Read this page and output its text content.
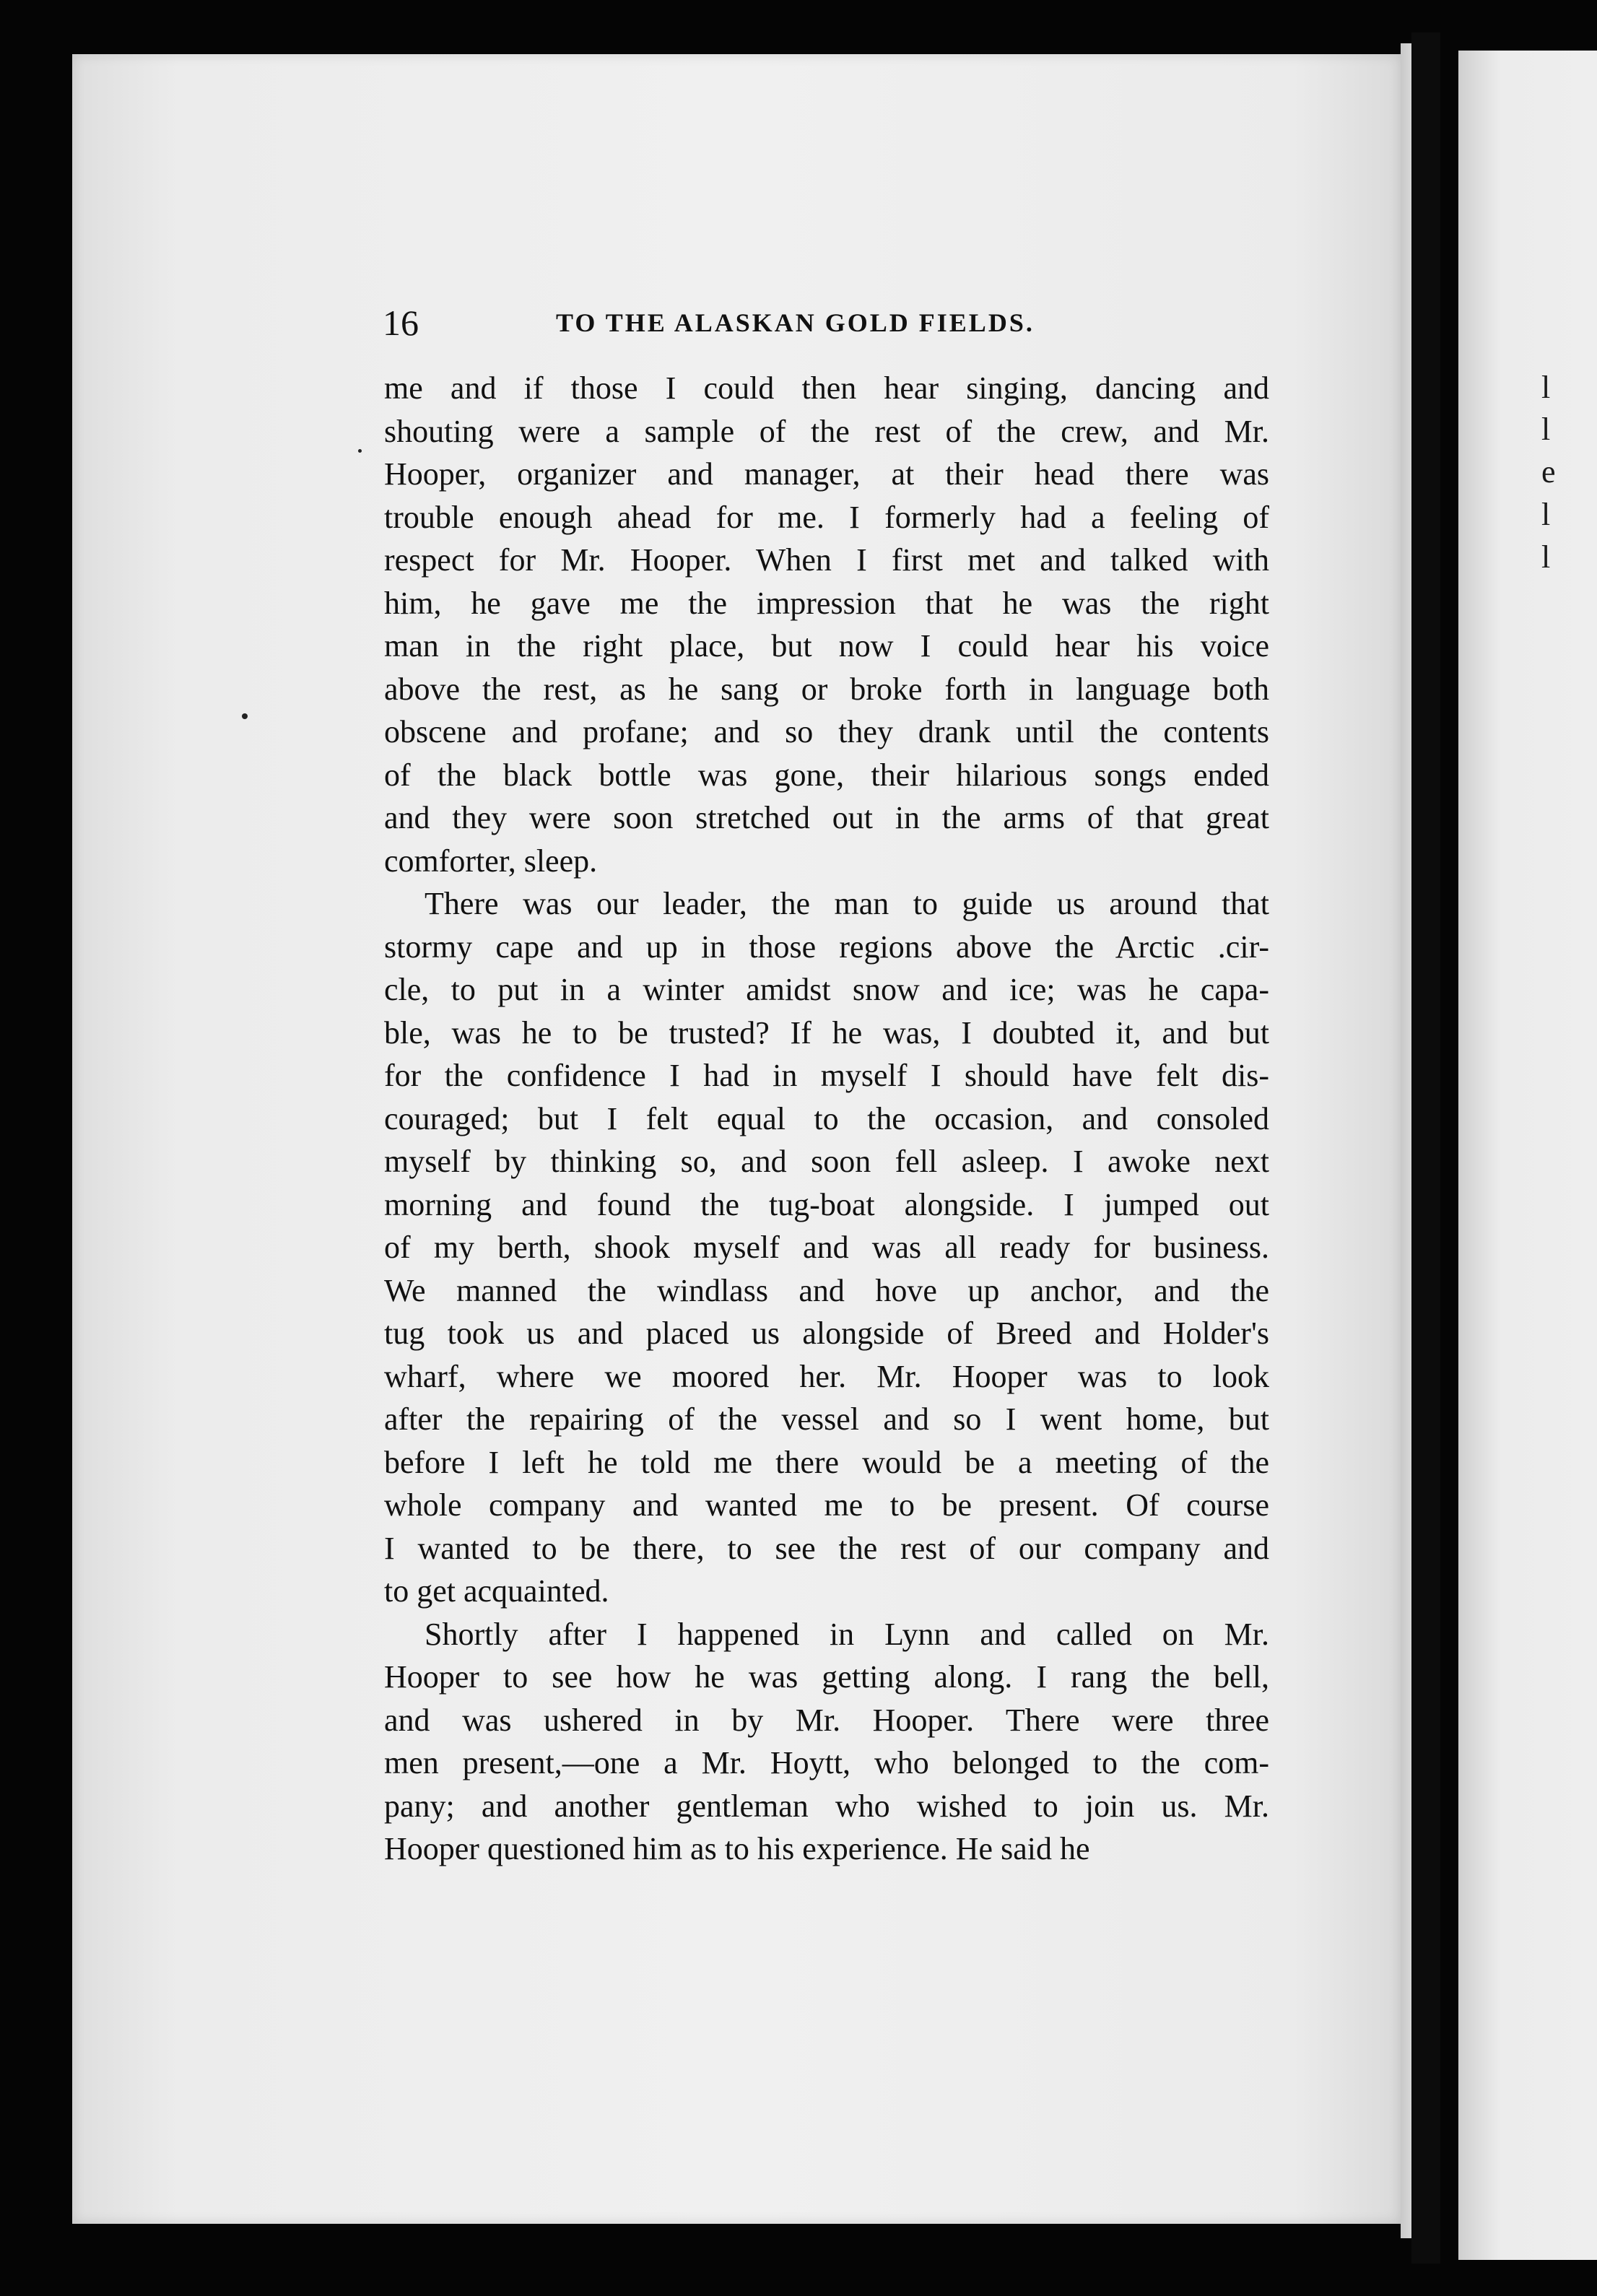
l
l
e
l
l
16	TO THE ALASKAN GOLD FIELDS.
me and if those I could then hear singing, dancing and
shouting were a sample of the rest of the crew, and Mr.
Hooper, organizer and manager, at their head there was
trouble enough ahead for me. I formerly had a feeling of
respect for Mr. Hooper. When I first met and talked with
him, he gave me the impression that he was the right
man in the right place, but now I could hear his voice
above the rest, as he sang or broke forth in language both
obscene and profane; and so they drank until the contents
of the black bottle was gone, their hilarious songs ended
and they were soon stretched out in the arms of that great
comforter, sleep.
There was our leader, the man to guide us around that
stormy cape and up in those regions above the Arctic .cir-
cle, to put in a winter amidst snow and ice; was he capa-
ble, was he to be trusted? If he was, I doubted it, and but
for the confidence I had in myself I should have felt dis-
couraged; but I felt equal to the occasion, and consoled
myself by thinking so, and soon fell asleep. I awoke next
morning and found the tug-boat alongside. I jumped out
of my berth, shook myself and was all ready for business.
We manned the windlass and hove up anchor, and the
tug took us and placed us alongside of Breed and Holder's
wharf, where we moored her. Mr. Hooper was to look
after the repairing of the vessel and so I went home, but
before I left he told me there would be a meeting of the
whole company and wanted me to be present. Of course
I wanted to be there, to see the rest of our company and
to get acquainted.
Shortly after I happened in Lynn and called on Mr.
Hooper to see how he was getting along. I rang the bell,
and was ushered in by Mr. Hooper. There were three
men present,—one a Mr. Hoytt, who belonged to the com-
pany; and another gentleman who wished to join us. Mr.
Hooper questioned him as to his experience. He said he
